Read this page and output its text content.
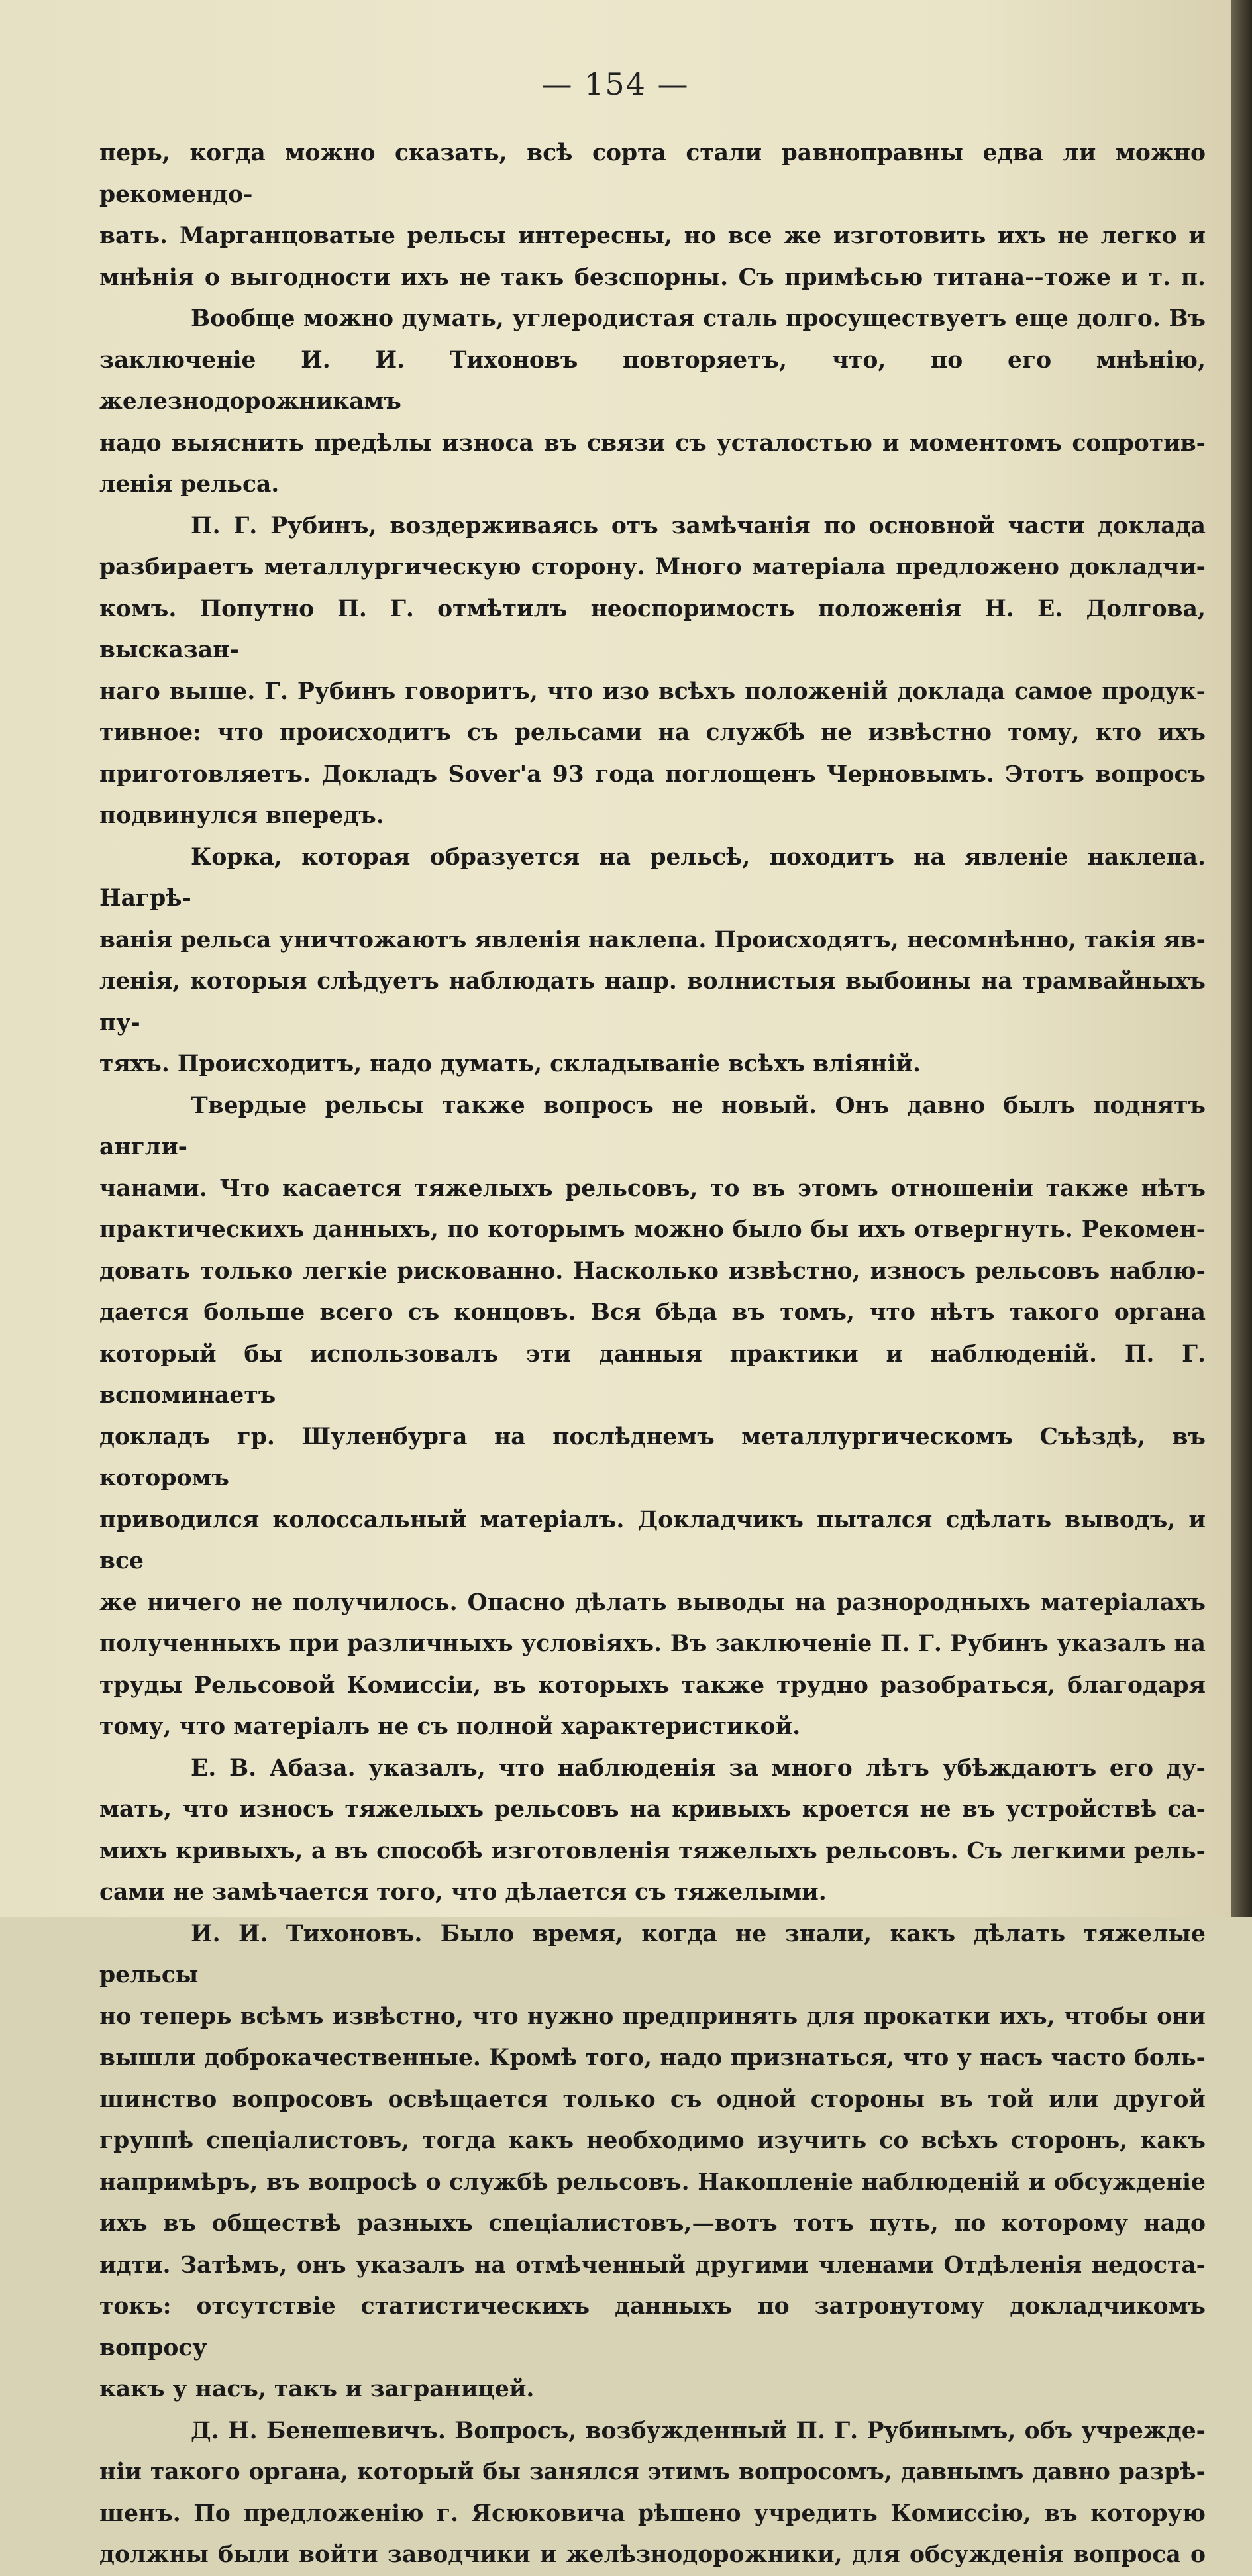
— 154 —

перь, когда можно сказать, всѣ сорта стали равноправны едва ли можно рекомендо-

вать. Марганцоватые рельсы интересны, но все же изготовить ихъ не легко и

мнѣнія о выгодности ихъ не такъ безспорны. Съ примѣсью титана--тоже и т. п.

Вообще можно думать, углеродистая сталь просуществуетъ еще долго. Въ

заключеніе И. И. Тихоновъ повторяетъ, что, по его мнѣнію, железнодорожникамъ

надо выяснить предѣлы износа въ связи съ усталостью и моментомъ сопротив-

ленія рельса.

П. Г. Рубинъ, воздерживаясь отъ замѣчанія по основной части доклада

разбираетъ металлургическую сторону. Много матеріала предложено докладчи-

комъ. Попутно П. Г. отмѣтилъ неоспоримость положенія Н. Е. Долгова, высказан-

наго выше. Г. Рубинъ говоритъ, что изо всѣхъ положеній доклада самое продук-

тивное: что происходитъ съ рельсами на службѣ не извѣстно тому, кто ихъ

приготовляетъ. Докладъ Sover'a 93 года поглощенъ Черновымъ. Этотъ вопросъ

подвинулся впередъ.

Корка, которая образуется на рельсѣ, походитъ на явленіе наклепа. Нагрѣ-

ванія рельса уничтожаютъ явленія наклепа. Происходятъ, несомнѣнно, такія яв-

ленія, которыя слѣдуетъ наблюдать напр. волнистыя выбоины на трамвайныхъ пу-

тяхъ. Происходитъ, надо думать, складываніе всѣхъ вліяній.

Твердые рельсы также вопросъ не новый. Онъ давно былъ поднятъ англи-

чанами. Что касается тяжелыхъ рельсовъ, то въ этомъ отношеніи также нѣтъ

практическихъ данныхъ, по которымъ можно было бы ихъ отвергнуть. Рекомен-

довать только легкіе рискованно. Насколько извѣстно, износъ рельсовъ наблю-

дается больше всего съ концовъ. Вся бѣда въ томъ, что нѣтъ такого органа

который бы использовалъ эти данныя практики и наблюденій. П. Г. вспоминаетъ

докладъ гр. Шуленбурга на послѣднемъ металлургическомъ Съѣздѣ, въ которомъ

приводился колоссальный матеріалъ. Докладчикъ пытался сдѣлать выводъ, и все

же ничего не получилось. Опасно дѣлать выводы на разнородныхъ матеріалахъ

полученныхъ при различныхъ условіяхъ. Въ заключеніе П. Г. Рубинъ указалъ на

труды Рельсовой Комиссіи, въ которыхъ также трудно разобраться, благодаря

тому, что матеріалъ не съ полной характеристикой.

Е. В. Абаза. указалъ, что наблюденія за много лѣтъ убѣждаютъ его ду-

мать, что износъ тяжелыхъ рельсовъ на кривыхъ кроется не въ устройствѣ са-

михъ кривыхъ, а въ способѣ изготовленія тяжелыхъ рельсовъ. Съ легкими рель-

сами не замѣчается того, что дѣлается съ тяжелыми.

И. И. Тихоновъ. Было время, когда не знали, какъ дѣлать тяжелые рельсы

но теперь всѣмъ извѣстно, что нужно предпринять для прокатки ихъ, чтобы они

вышли доброкачественные. Кромѣ того, надо признаться, что у насъ часто боль-

шинство вопросовъ освѣщается только съ одной стороны въ той или другой

группѣ спеціалистовъ, тогда какъ необходимо изучить со всѣхъ сторонъ, какъ

напримѣръ, въ вопросѣ о службѣ рельсовъ. Накопленіе наблюденій и обсужденіе

ихъ въ обществѣ разныхъ спеціалистовъ,—вотъ тотъ путь, по которому надо

идти. Затѣмъ, онъ указалъ на отмѣченный другими членами Отдѣленія недоста-

токъ: отсутствіе статистическихъ данныхъ по затронутому докладчикомъ вопросу

какъ у насъ, такъ и заграницей.

Д. Н. Бенешевичъ. Вопросъ, возбужденный П. Г. Рубинымъ, объ учрежде-

ніи такого органа, который бы занялся этимъ вопросомъ, давнымъ давно разрѣ-

шенъ. По предложенію г. Ясюковича рѣшено учредить Комиссію, въ которую

должны были войти заводчики и желѣзнодорожники, для обсужденія вопроса о
